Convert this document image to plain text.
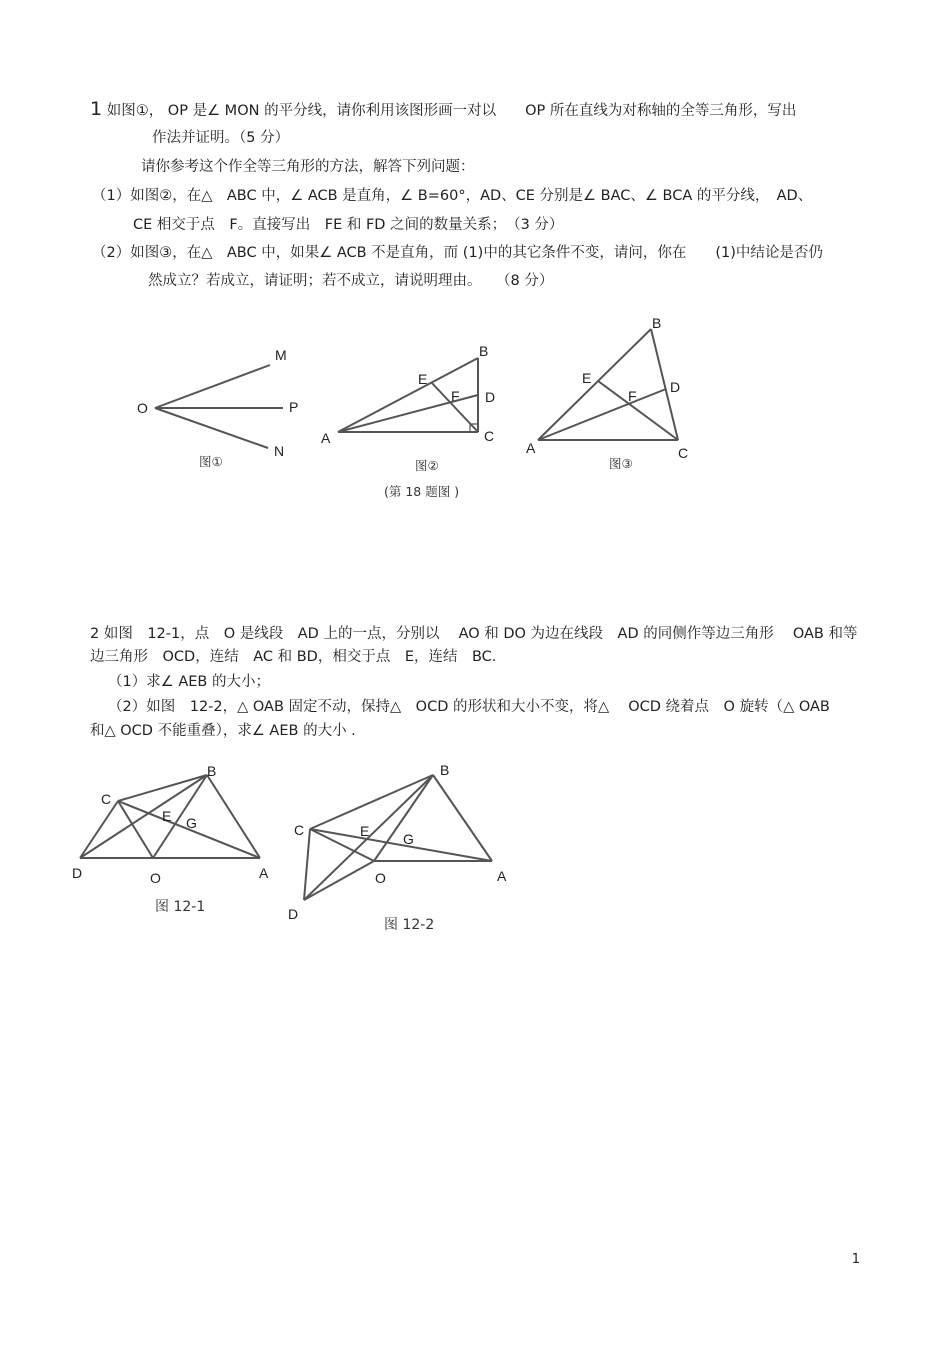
1 如图①， OP 是∠ MON 的平分线，请你利用该图形画一对以　　OP 所在直线为对称轴的全等三角形，写出
作法并证明。（5 分）
请你参考这个作全等三角形的方法，解答下列问题：
（1）如图②，在△　ABC 中，∠ ACB 是直角，∠ B=60°，AD、CE 分别是∠ BAC、∠ BCA 的平分线，　AD、
CE 相交于点　F。直接写出　FE 和 FD 之间的数量关系；　（3 分）
（2）如图③，在△　ABC 中，如果∠ ACB 不是直角，而 (1)中的其它条件不变，请问，你在　　(1)中结论是否仍
然成立？若成立，请证明；若不成立，请说明理由。　　（8 分）
M
O	P
N
B
E
F D
A	C
B
E
F
D
A	C
图①	图②	图③
(第 18 题图 )
2 如图　12-1，点　O 是线段　AD 上的一点，分别以　 AO 和 DO 为边在线段　AD 的同侧作等边三角形　 OAB 和等
边三角形　OCD，连结　AC 和 BD，相交于点　E，连结　BC.
（1）求∠ AEB 的大小；
（2）如图　12-2，△ OAB 固定不动，保持△　OCD 的形状和大小不变，将△　 OCD 绕着点　O 旋转（△ OAB
和△ OCD 不能重叠），求∠ AEB 的大小 .
B
C
E G
D	O	A
B
C	E G
O	A
D
图 12-1
图 12-2
1
